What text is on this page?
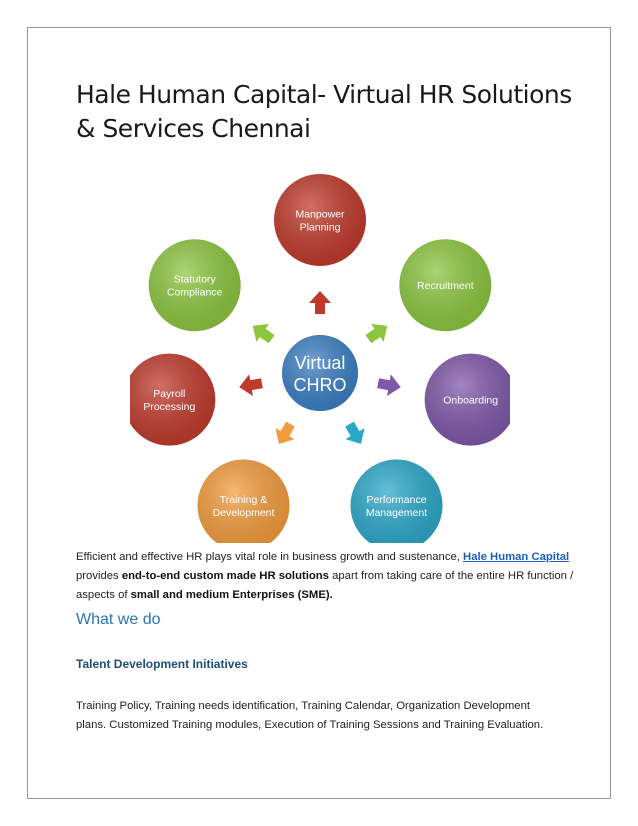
Hale Human Capital- Virtual HR Solutions & Services Chennai
Manpower
Planning
Recruitment
Onboarding
Performance
Management
Training &
Development
Payroll
Processing
Statutory
Compliance
Virtual
CHRO

Efficient and effective HR plays vital role in business growth and sustenance, Hale Human Capital provides end-to-end custom made HR solutions apart from taking care of the entire HR function / aspects of small and medium Enterprises (SME).

What we do
Talent Development Initiatives

Training Policy, Training needs identification, Training Calendar, Organization Development plans. Customized Training modules, Execution of Training Sessions and Training Evaluation.
